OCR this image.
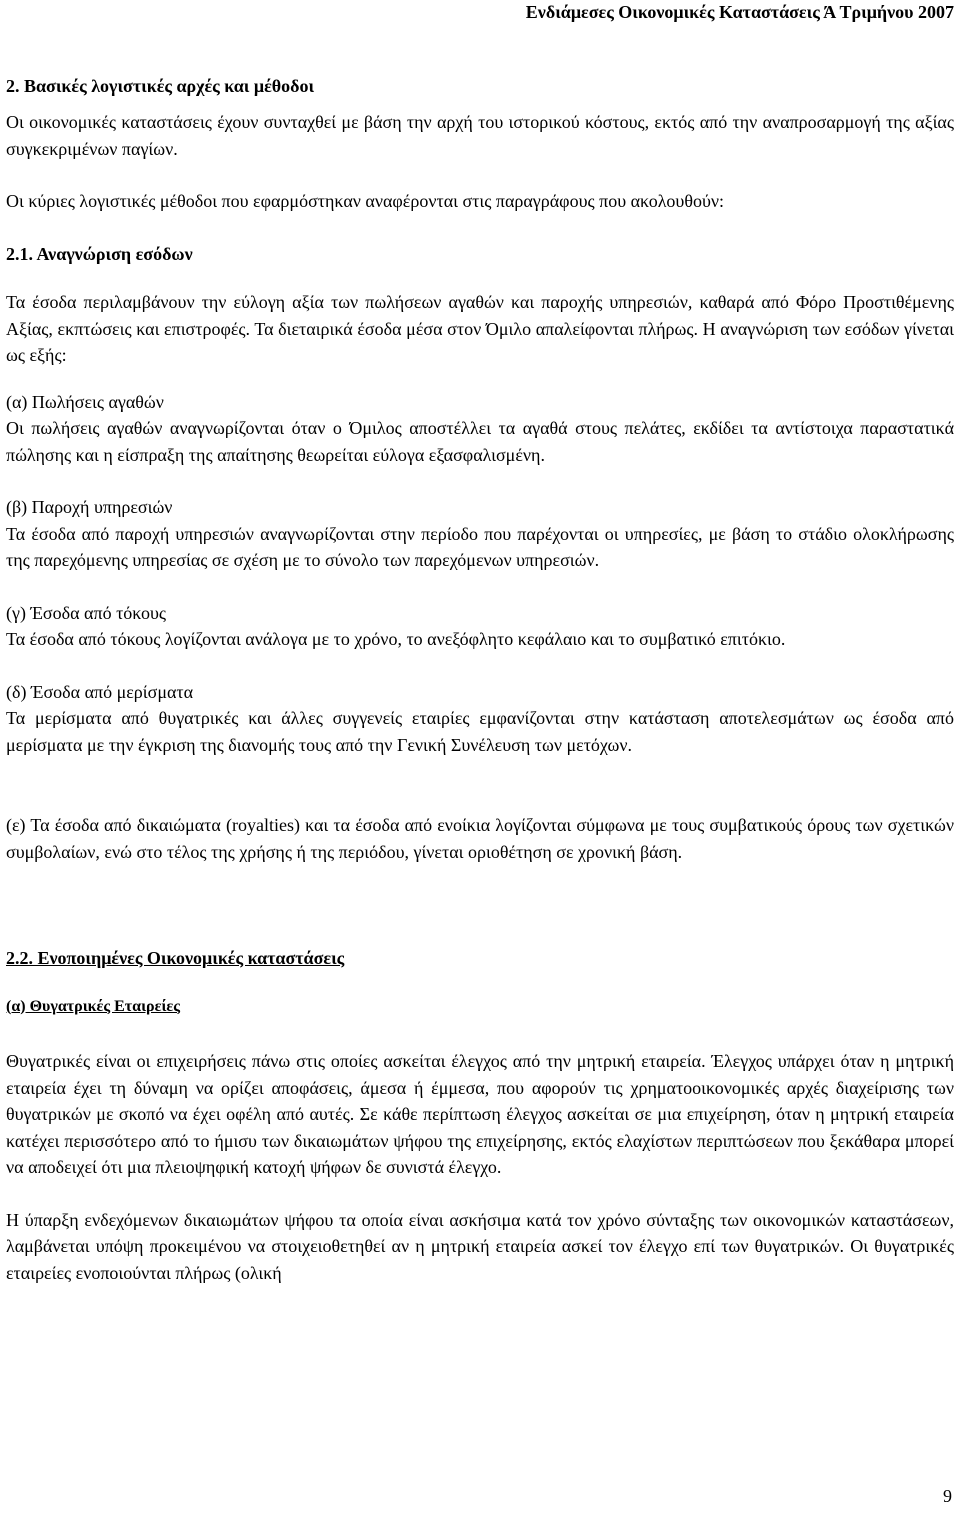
Ενδιάμεσες Οικονομικές Καταστάσεις Ά Τριμήνου 2007
2. Βασικές λογιστικές αρχές και μέθοδοι

Οι οικονομικές καταστάσεις έχουν συνταχθεί με βάση την αρχή του ιστορικού κόστους, εκτός από την αναπροσαρμογή της αξίας συγκεκριμένων παγίων.

Οι κύριες λογιστικές μέθοδοι που εφαρμόστηκαν αναφέρονται στις παραγράφους που ακολουθούν:

2.1. Αναγνώριση εσόδων

Τα έσοδα περιλαμβάνουν την εύλογη αξία των πωλήσεων αγαθών και παροχής υπηρεσιών, καθαρά από Φόρο Προστιθέμενης Αξίας, εκπτώσεις και επιστροφές. Τα διεταιρικά έσοδα μέσα στον Όμιλο απαλείφονται πλήρως. Η αναγνώριση των εσόδων γίνεται ως εξής:

(α) Πωλήσεις αγαθών

Οι πωλήσεις αγαθών αναγνωρίζονται όταν ο Όμιλος αποστέλλει τα αγαθά στους πελάτες, εκδίδει τα αντίστοιχα παραστατικά πώλησης και η είσπραξη της απαίτησης θεωρείται εύλογα εξασφαλισμένη.

(β) Παροχή υπηρεσιών

Τα έσοδα από παροχή υπηρεσιών αναγνωρίζονται στην περίοδο που παρέχονται οι υπηρεσίες, με βάση το στάδιο ολοκλήρωσης της παρεχόμενης υπηρεσίας σε σχέση με το σύνολο των παρεχόμενων υπηρεσιών.

(γ) Έσοδα από τόκους

Τα έσοδα από τόκους λογίζονται ανάλογα με το χρόνο, το ανεξόφλητο κεφάλαιο και το συμβατικό επιτόκιο.

(δ) Έσοδα από μερίσματα

Τα μερίσματα από θυγατρικές και άλλες συγγενείς εταιρίες εμφανίζονται στην κατάσταση αποτελεσμάτων ως έσοδα από μερίσματα με την έγκριση της διανομής τους από την Γενική Συνέλευση των μετόχων.

(ε) Τα έσοδα από δικαιώματα (royalties) και τα έσοδα από ενοίκια λογίζονται σύμφωνα με τους συμβατικούς όρους των σχετικών συμβολαίων, ενώ στο τέλος της χρήσης ή της περιόδου, γίνεται οριοθέτηση σε χρονική βάση.

2.2. Ενοποιημένες Οικονομικές καταστάσεις

(α) Θυγατρικές Εταιρείες

Θυγατρικές είναι οι επιχειρήσεις πάνω στις οποίες ασκείται έλεγχος από την μητρική εταιρεία. Έλεγχος υπάρχει όταν η μητρική εταιρεία έχει τη δύναμη να ορίζει αποφάσεις, άμεσα ή έμμεσα, που αφορούν τις χρηματοοικονομικές αρχές διαχείρισης των θυγατρικών με σκοπό να έχει οφέλη από αυτές. Σε κάθε περίπτωση έλεγχος ασκείται σε μια επιχείρηση, όταν η μητρική εταιρεία κατέχει περισσότερο από το ήμισυ των δικαιωμάτων ψήφου της επιχείρησης, εκτός ελαχίστων περιπτώσεων που ξεκάθαρα μπορεί να αποδειχεί ότι μια πλειοψηφική κατοχή ψήφων δε συνιστά έλεγχο.

Η ύπαρξη ενδεχόμενων δικαιωμάτων ψήφου τα οποία είναι ασκήσιμα κατά τον χρόνο σύνταξης των οικονομικών καταστάσεων, λαμβάνεται υπόψη προκειμένου να στοιχειοθετηθεί αν η μητρική εταιρεία ασκεί τον έλεγχο επί των θυγατρικών. Οι θυγατρικές εταιρείες ενοποιούνται πλήρως (ολική

9
